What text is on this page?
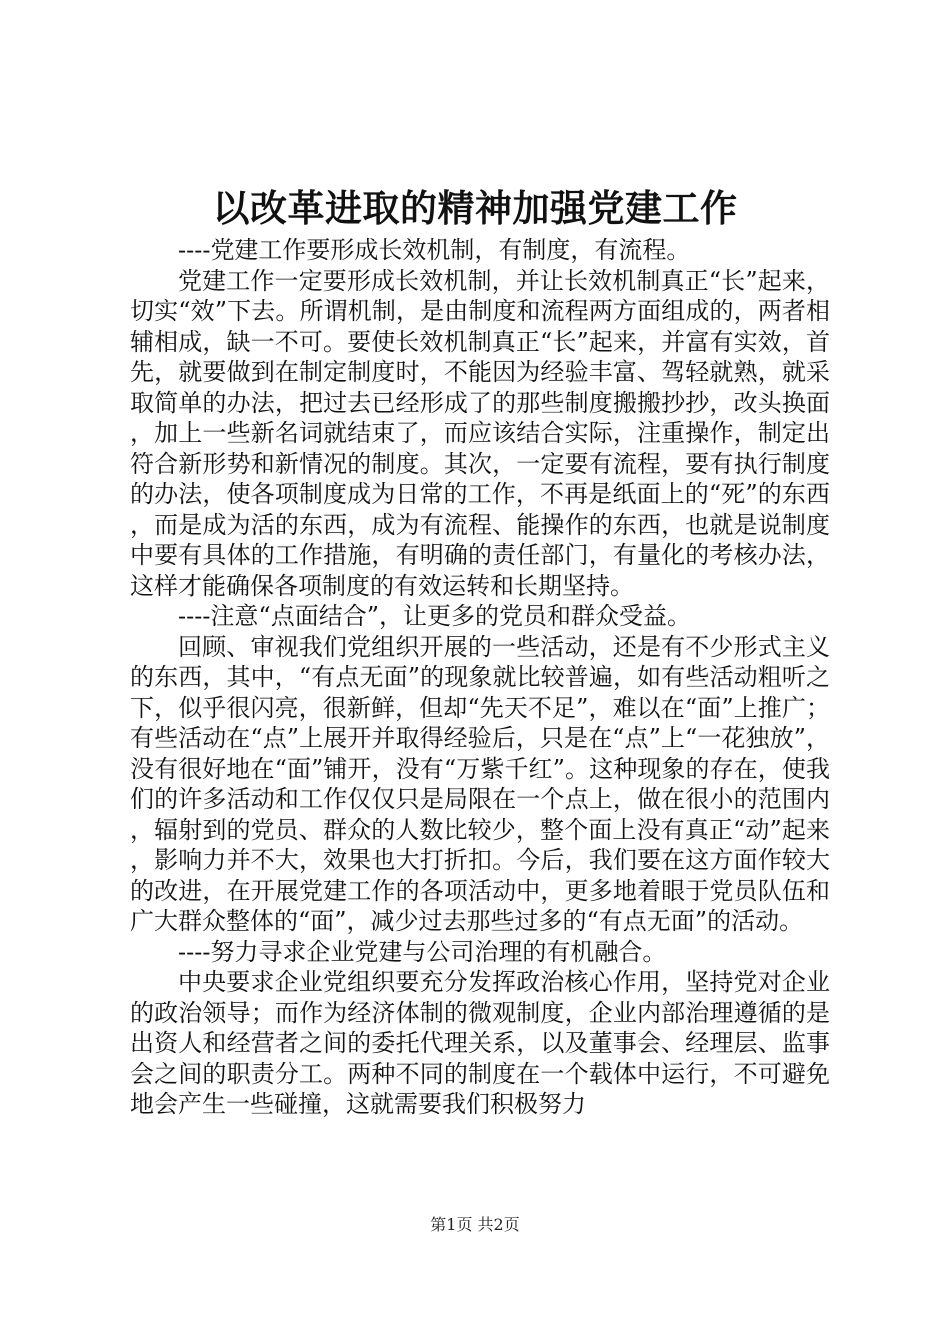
以改革进取的精神加强党建工作

----党建工作要形成长效机制，有制度，有流程。

党建工作一定要形成长效机制，并让长效机制真正“长”起来，切实“效”下去。所谓机制，是由制度和流程两方面组成的，两者相辅相成，缺一不可。要使长效机制真正“长”起来，并富有实效，首先，就要做到在制定制度时，不能因为经验丰富、驾轻就熟，就采取简单的办法，把过去已经形成了的那些制度搬搬抄抄，改头换面，加上一些新名词就结束了，而应该结合实际，注重操作，制定出符合新形势和新情况的制度。其次，一定要有流程，要有执行制度的办法，使各项制度成为日常的工作，不再是纸面上的“死”的东西，而是成为活的东西，成为有流程、能操作的东西，也就是说制度中要有具体的工作措施，有明确的责任部门，有量化的考核办法，这样才能确保各项制度的有效运转和长期坚持。

----注意“点面结合”，让更多的党员和群众受益。

回顾、审视我们党组织开展的一些活动，还是有不少形式主义的东西，其中，“有点无面”的现象就比较普遍，如有些活动粗听之下，似乎很闪亮，很新鲜，但却“先天不足”，难以在“面”上推广；有些活动在“点”上展开并取得经验后，只是在“点”上“一花独放”，没有很好地在“面”铺开，没有“万紫千红”。这种现象的存在，使我们的许多活动和工作仅仅只是局限在一个点上，做在很小的范围内，辐射到的党员、群众的人数比较少，整个面上没有真正“动”起来，影响力并不大，效果也大打折扣。今后，我们要在这方面作较大的改进，在开展党建工作的各项活动中，更多地着眼于党员队伍和广大群众整体的“面”，减少过去那些过多的“有点无面”的活动。

----努力寻求企业党建与公司治理的有机融合。

中央要求企业党组织要充分发挥政治核心作用，坚持党对企业的政治领导；而作为经济体制的微观制度，企业内部治理遵循的是出资人和经营者之间的委托代理关系，以及董事会、经理层、监事会之间的职责分工。两种不同的制度在一个载体中运行，不可避免地会产生一些碰撞，这就需要我们积极努力

第1页 共2页
